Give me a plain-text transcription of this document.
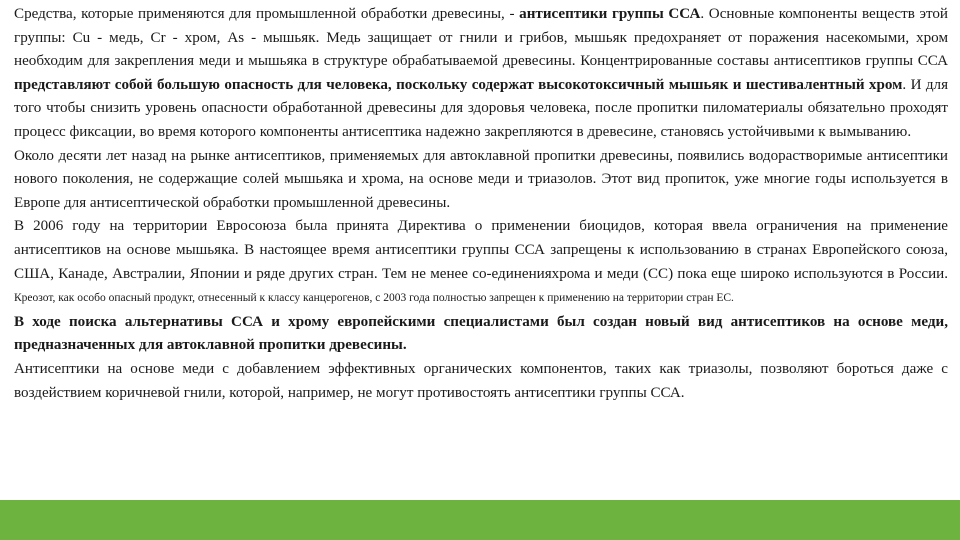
Средства, которые применяются для промышленной обработки древесины, - антисептики группы ССА. Основные компоненты веществ этой группы: Cu - медь, Cr - хром, As - мышьяк. Медь защищает от гнили и грибов, мышьяк предохраняет от поражения насекомыми, хром необходим для закрепления меди и мышьяка в структуре обрабатываемой древесины. Концентрированные составы антисептиков группы ССА представляют собой большую опасность для человека, поскольку содержат высокотоксичный мышьяк и шестивалентный хром. И для того чтобы снизить уровень опасности обработанной древесины для здоровья человека, после пропитки пиломатериалы обязательно проходят процесс фиксации, во время которого компоненты антисептика надежно закрепляются в древесине, становясь устойчивыми к вымыванию.

Около десяти лет назад на рынке антисептиков, применяемых для автоклавной пропитки древесины, появились водорастворимые антисептики нового поколения, не содержащие солей мышьяка и хрома, на основе меди и триазолов. Этот вид пропиток, уже многие годы используется в Европе для антисептической обработки промышленной древесины.

В 2006 году на территории Евросоюза была принята Директива о применении биоцидов, которая ввела ограничения на применение антисептиков на основе мышьяка. В настоящее время антисептики группы ССА запрещены к использованию в странах Европейского союза, США, Канаде, Австралии, Японии и ряде других стран. Тем не менее со-единенияхрома и меди (СС) пока еще широко используются в России. Креозот, как особо опасный продукт, отнесенный к классу канцерогенов, с 2003 года полностью запрещен к применению на территории стран ЕС.

В ходе поиска альтернативы ССА и хрому европейскими специалистами был создан новый вид антисептиков на основе меди, предназначенных для автоклавной пропитки древесины.

Антисептики на основе меди с добавлением эффективных органических компонентов, таких как триазолы, позволяют бороться даже с воздействием коричневой гнили, которой, например, не могут противостоять антисептики группы ССА.
